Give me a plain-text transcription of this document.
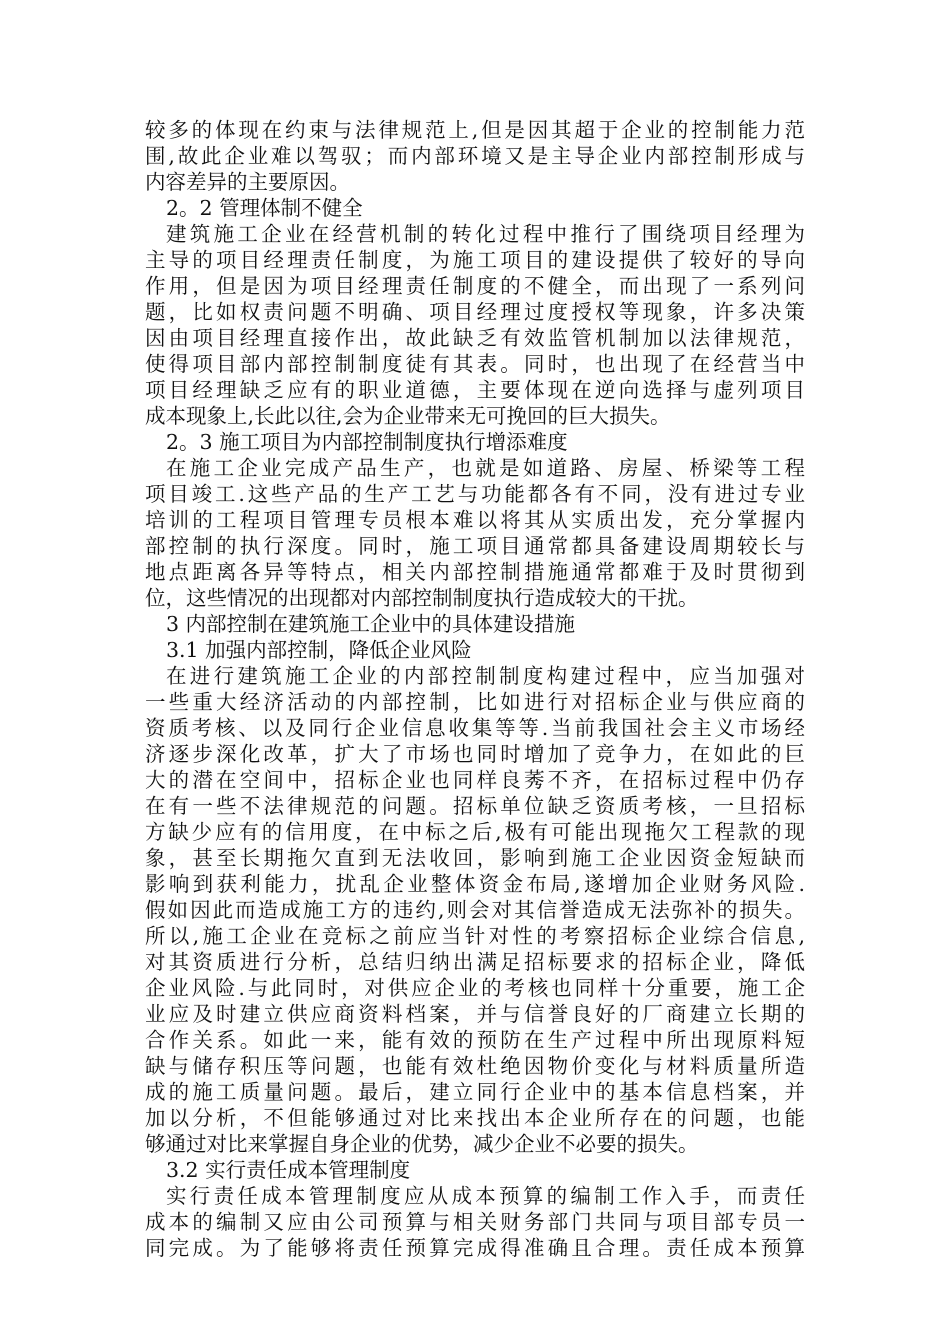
较多的体现在约束与法律规范上,但是因其超于企业的控制能力范
围,故此企业难以驾驭；而内部环境又是主导企业内部控制形成与
内容差异的主要原因。
2。2 管理体制不健全
建筑施工企业在经营机制的转化过程中推行了围绕项目经理为
主导的项目经理责任制度，为施工项目的建设提供了较好的导向
作用，但是因为项目经理责任制度的不健全，而出现了一系列问
题，比如权责问题不明确、项目经理过度授权等现象，许多决策
因由项目经理直接作出，故此缺乏有效监管机制加以法律规范，
使得项目部内部控制制度徒有其表。同时，也出现了在经营当中
项目经理缺乏应有的职业道德，主要体现在逆向选择与虚列项目
成本现象上,长此以往,会为企业带来无可挽回的巨大损失。
2。3 施工项目为内部控制制度执行增添难度
在施工企业完成产品生产，也就是如道路、房屋、桥梁等工程
项目竣工.这些产品的生产工艺与功能都各有不同，没有进过专业
培训的工程项目管理专员根本难以将其从实质出发，充分掌握内
部控制的执行深度。同时，施工项目通常都具备建设周期较长与
地点距离各异等特点，相关内部控制措施通常都难于及时贯彻到
位，这些情况的出现都对内部控制制度执行造成较大的干扰。
3 内部控制在建筑施工企业中的具体建设措施
3.1 加强内部控制，降低企业风险
在进行建筑施工企业的内部控制制度构建过程中，应当加强对
一些重大经济活动的内部控制，比如进行对招标企业与供应商的
资质考核、以及同行企业信息收集等等.当前我国社会主义市场经
济逐步深化改革，扩大了市场也同时增加了竞争力，在如此的巨
大的潜在空间中，招标企业也同样良莠不齐，在招标过程中仍存
在有一些不法律规范的问题。招标单位缺乏资质考核，一旦招标
方缺少应有的信用度，在中标之后,极有可能出现拖欠工程款的现
象，甚至长期拖欠直到无法收回，影响到施工企业因资金短缺而
影响到获利能力，扰乱企业整体资金布局,遂增加企业财务风险.
假如因此而造成施工方的违约,则会对其信誉造成无法弥补的损失。
所以,施工企业在竞标之前应当针对性的考察招标企业综合信息,
对其资质进行分析，总结归纳出满足招标要求的招标企业，降低
企业风险.与此同时，对供应企业的考核也同样十分重要，施工企
业应及时建立供应商资料档案，并与信誉良好的厂商建立长期的
合作关系。如此一来，能有效的预防在生产过程中所出现原料短
缺与储存积压等问题，也能有效杜绝因物价变化与材料质量所造
成的施工质量问题。最后，建立同行企业中的基本信息档案，并
加以分析，不但能够通过对比来找出本企业所存在的问题，也能
够通过对比来掌握自身企业的优势，减少企业不必要的损失。
3.2 实行责任成本管理制度
实行责任成本管理制度应从成本预算的编制工作入手，而责任
成本的编制又应由公司预算与相关财务部门共同与项目部专员一
同完成。为了能够将责任预算完成得准确且合理。责任成本预算
